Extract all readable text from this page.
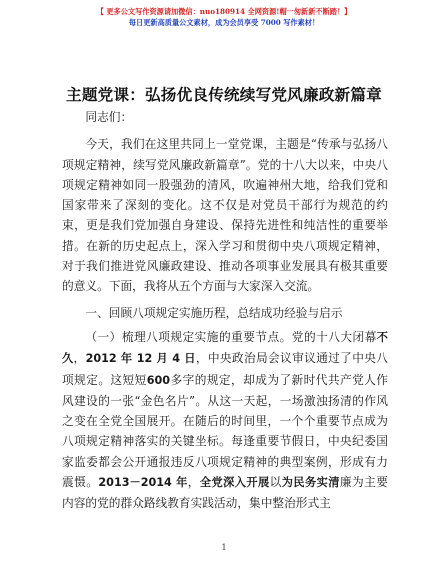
【 更多公文写作资源请加微信：nuo180914 全网资源!帽一匆新新不断踏！】
每日更新高质量公文素材，成为会员享受 7000 写作素材！
主题党课：弘扬优良传统续写党风廉政新篇章

同志们：

今天，我们在这里共同上一堂党课，主题是“传承与弘扬八项规定精神，续写党风廉政新篇章”。党的十八大以来，中央八项规定精神如同一股强劲的清风，吹遍神州大地，给我们党和国家带来了深刻的变化。这不仅是对党员干部行为规范的约束，更是我们党加强自身建设、保持先进性和纯洁性的重要举措。在新的历史起点上，深入学习和贯彻中央八项规定精神，对于我们推进党风廉政建设、推动各项事业发展具有极其重要的意义。下面，我将从五个方面与大家深入交流。

一、回顾八项规定实施历程，总结成功经验与启示

（一）梳理八项规定实施的重要节点。党的十八大闭幕不久，2012 年 12 月 4 日，中央政治局会议审议通过了中央八项规定。这短短600多字的规定，却成为了新时代共产党人作风建设的一张“金色名片”。从这一天起，一场激浊扬清的作风之变在全党全国展开。在随后的时间里，一个个重要节点成为八项规定精神落实的关键坐标。每逢重要节假日，中央纪委国家监委都会公开通报违反八项规定精神的典型案例，形成有力震慑。2013－2014 年，全党深入开展以为民务实清廉为主要内容的党的群众路线教育实践活动，集中整治形式主

1
